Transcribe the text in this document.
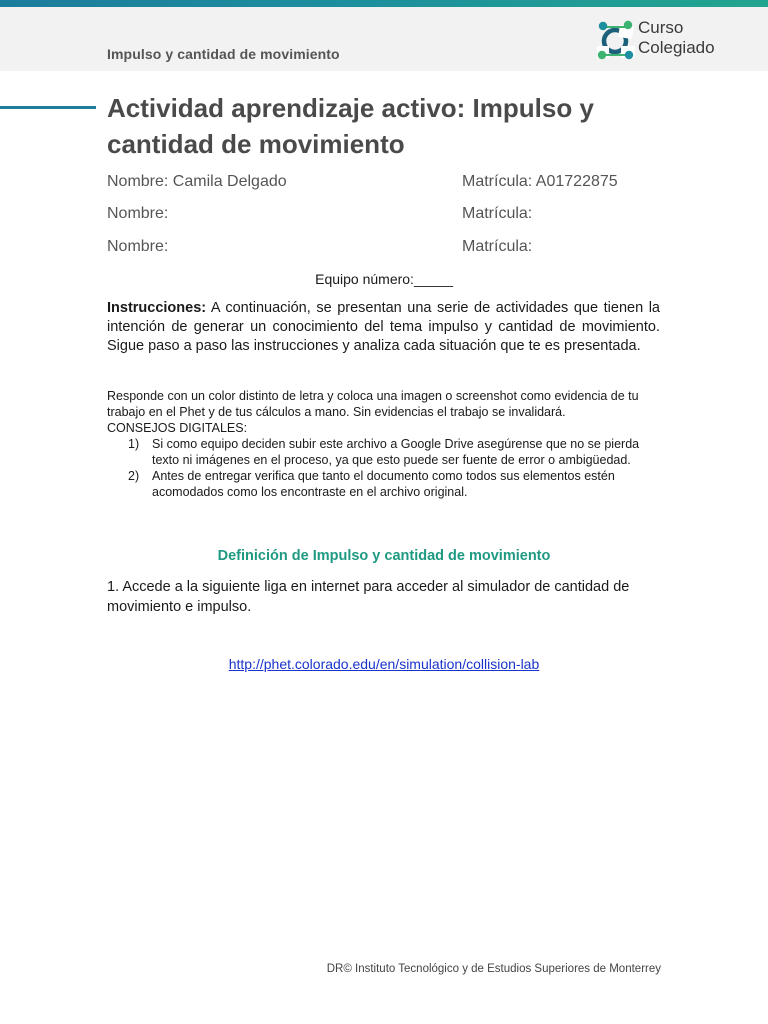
Impulso y cantidad de movimiento
Curso
Colegiado
Actividad aprendizaje activo: Impulso y cantidad de movimiento
Nombre: Camila Delgado	Matrícula: A01722875
Nombre:	Matrícula:
Nombre:	Matrícula:
Equipo número:_____

Instrucciones: A continuación, se presentan una serie de actividades que tienen la intención de generar un conocimiento del tema impulso y cantidad de movimiento. Sigue paso a paso las instrucciones y analiza cada situación que te es presentada.

Responde con un color distinto de letra y coloca una imagen o screenshot como evidencia de tu trabajo en el Phet y de tus cálculos a mano. Sin evidencias el trabajo se invalidará.

CONSEJOS DIGITALES:

1) Si como equipo deciden subir este archivo a Google Drive asegúrense que no se pierda texto ni imágenes en el proceso, ya que esto puede ser fuente de error o ambigüedad.
2) Antes de entregar verifica que tanto el documento como todos sus elementos estén acomodados como los encontraste en el archivo original.
Definición de Impulso y cantidad de movimiento

1. Accede a la siguiente liga en internet para acceder al simulador de cantidad de movimiento e impulso.

http://phet.colorado.edu/en/simulation/collision-lab
DR© Instituto Tecnológico y de Estudios Superiores de Monterrey
